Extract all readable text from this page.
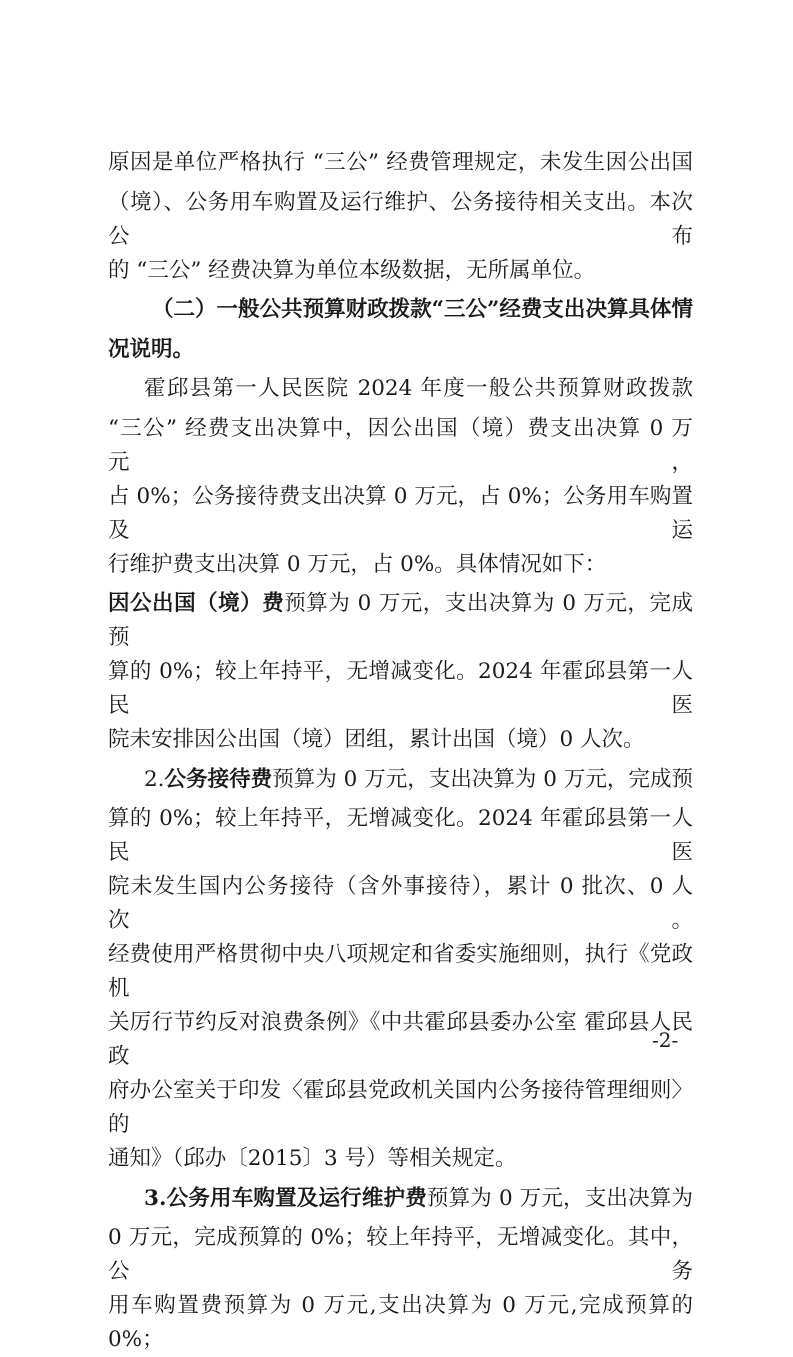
原因是单位严格执行 “三公” 经费管理规定，未发生因公出国
（境）、公务用车购置及运行维护、公务接待相关支出。本次公布
的 “三公” 经费决算为单位本级数据，无所属单位。
（二）一般公共预算财政拨款“三公”经费支出决算具体情
况说明。
霍邱县第一人民医院 2024 年度一般公共预算财政拨款
“三公” 经费支出决算中，因公出国（境）费支出决算 0 万元，
占 0%；公务接待费支出决算 0 万元，占 0%；公务用车购置及运
行维护费支出决算 0 万元，占 0%。具体情况如下：
因公出国（境）费预算为 0 万元，支出决算为 0 万元，完成预
算的 0%；较上年持平，无增减变化。2024 年霍邱县第一人民医
院未安排因公出国（境）团组，累计出国（境）0 人次。
2.公务接待费预算为 0 万元，支出决算为 0 万元，完成预
算的 0%；较上年持平，无增减变化。2024 年霍邱县第一人民医
院未发生国内公务接待（含外事接待），累计 0 批次、0 人次。
经费使用严格贯彻中央八项规定和省委实施细则，执行《党政机
关厉行节约反对浪费条例》《中共霍邱县委办公室 霍邱县人民政
府办公室关于印发〈霍邱县党政机关国内公务接待管理细则〉的
通知》（邱办〔2015〕3 号）等相关规定。
3.公务用车购置及运行维护费预算为 0 万元，支出决算为
0 万元，完成预算的 0%；较上年持平，无增减变化。其中，公务
用车购置费预算为 0 万元,支出决算为 0 万元,完成预算的 0%；
-2-
